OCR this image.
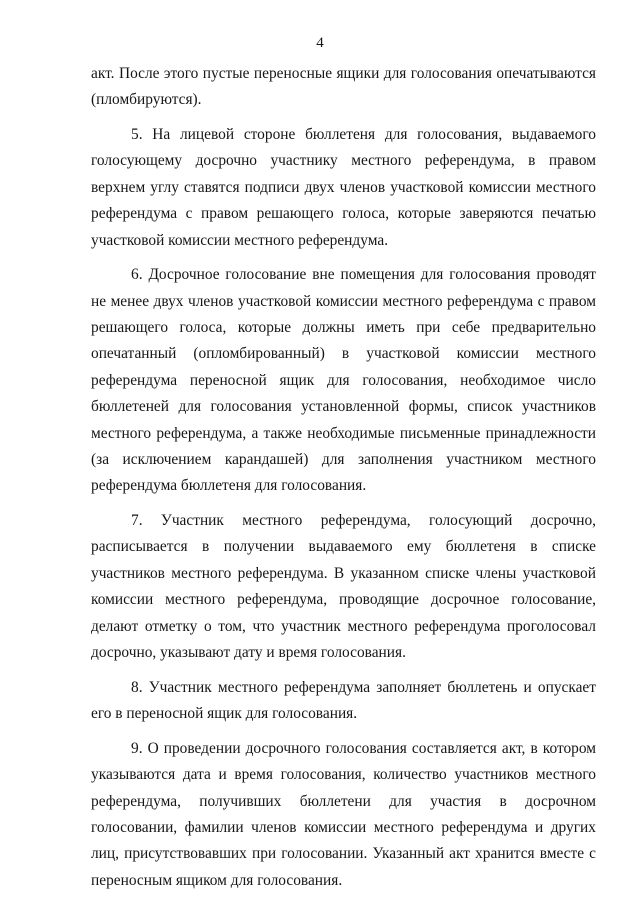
4

акт. После этого пустые переносные ящики для голосования опечатываются (пломбируются).

5. На лицевой стороне бюллетеня для голосования, выдаваемого голосующему досрочно участнику местного референдума, в правом верхнем углу ставятся подписи двух членов участковой комиссии местного референдума с правом решающего голоса, которые заверяются печатью участковой комиссии местного референдума.

6. Досрочное голосование вне помещения для голосования проводят не менее двух членов участковой комиссии местного референдума с правом решающего голоса, которые должны иметь при себе предварительно опечатанный (опломбированный) в участковой комиссии местного референдума переносной ящик для голосования, необходимое число бюллетеней для голосования установленной формы, список участников местного референдума, а также необходимые письменные принадлежности (за исключением карандашей) для заполнения участником местного референдума бюллетеня для голосования.

7. Участник местного референдума, голосующий досрочно, расписывается в получении выдаваемого ему бюллетеня в списке участников местного референдума. В указанном списке члены участковой комиссии местного референдума, проводящие досрочное голосование, делают отметку о том, что участник местного референдума проголосовал досрочно, указывают дату и время голосования.

8. Участник местного референдума заполняет бюллетень и опускает его в переносной ящик для голосования.

9. О проведении досрочного голосования составляется акт, в котором указываются дата и время голосования, количество участников местного референдума, получивших бюллетени для участия в досрочном голосовании, фамилии членов комиссии местного референдума и других лиц, присутствовавших при голосовании. Указанный акт хранится вместе с переносным ящиком для голосования.
